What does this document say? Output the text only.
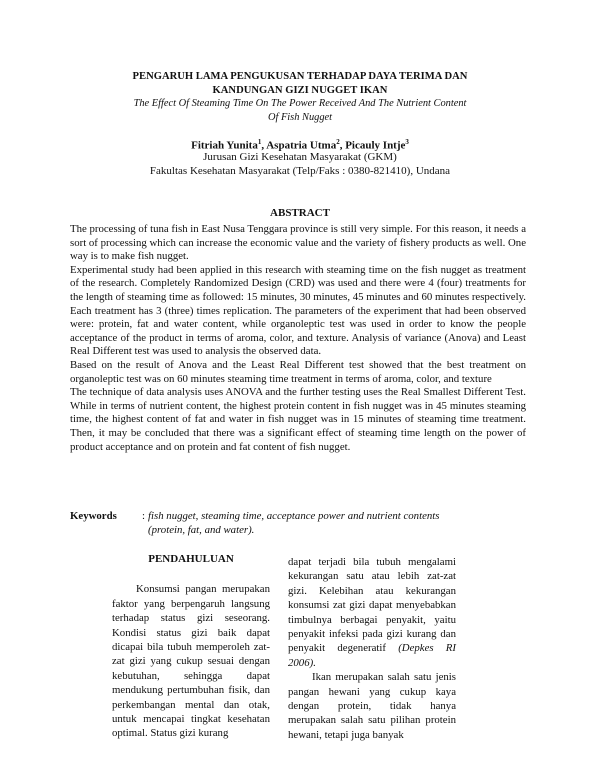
PENGARUH LAMA PENGUKUSAN TERHADAP DAYA TERIMA DAN
KANDUNGAN GIZI NUGGET IKAN
The Effect Of Steaming Time On The Power Received And The Nutrient Content
Of Fish Nugget
Fitriah Yunita$^1$, Aspatria Utma$^2$, Picauly Intje$^3$
Jurusan Gizi Kesehatan Masyarakat (GKM)
Fakultas Kesehatan Masyarakat (Telp/Faks : 0380-821410), Undana
ABSTRACT

The processing of tuna fish in East Nusa Tenggara province is still very simple. For this reason, it needs a sort of processing which can increase the economic value and the variety of fishery products as well. One way is to make fish nugget.

Experimental study had been applied in this research with steaming time on the fish nugget as treatment of the research. Completely Randomized Design (CRD) was used and there were 4 (four) treatments for the length of steaming time as followed: 15 minutes, 30 minutes, 45 minutes and 60 minutes respectively. Each treatment has 3 (three) times replication. The parameters of the experiment that had been observed were: protein, fat and water content, while organoleptic test was used in order to know the people acceptance of the product in terms of aroma, color, and texture. Analysis of variance (Anova) and Least Real Different test was used to analysis the observed data.

Based on the result of Anova and the Least Real Different test showed that the best treatment on organoleptic test was on 60 minutes steaming time treatment in terms of aroma, color, and texture

The technique of data analysis uses ANOVA and the further testing uses the Real Smallest Different Test. While in terms of nutrient content, the highest protein content in fish nugget was in 45 minutes steaming time, the highest content of fat and water in fish nugget was in 15 minutes of steaming time treatment. Then, it may be concluded that there was a significant effect of steaming time length on the power of product acceptance and on protein and fat content of fish nugget.

Keywords : fish nugget, steaming time, acceptance power and nutrient contents (protein, fat, and water).
PENDAHULUAN

Konsumsi pangan merupakan faktor yang berpengaruh langsung terhadap status gizi seseorang. Kondisi status gizi baik dapat dicapai bila tubuh memperoleh zat-zat gizi yang cukup sesuai dengan kebutuhan, sehingga dapat mendukung pertumbuhan fisik, dan perkembangan mental dan otak, untuk mencapai tingkat kesehatan optimal. Status gizi kurang

dapat terjadi bila tubuh mengalami kekurangan satu atau lebih zat-zat gizi. Kelebihan atau kekurangan konsumsi zat gizi dapat menyebabkan timbulnya berbagai penyakit, yaitu penyakit infeksi pada gizi kurang dan penyakit degeneratif (Depkes RI 2006).

Ikan merupakan salah satu jenis pangan hewani yang cukup kaya dengan protein, tidak hanya merupakan salah satu pilihan protein hewani, tetapi juga banyak
